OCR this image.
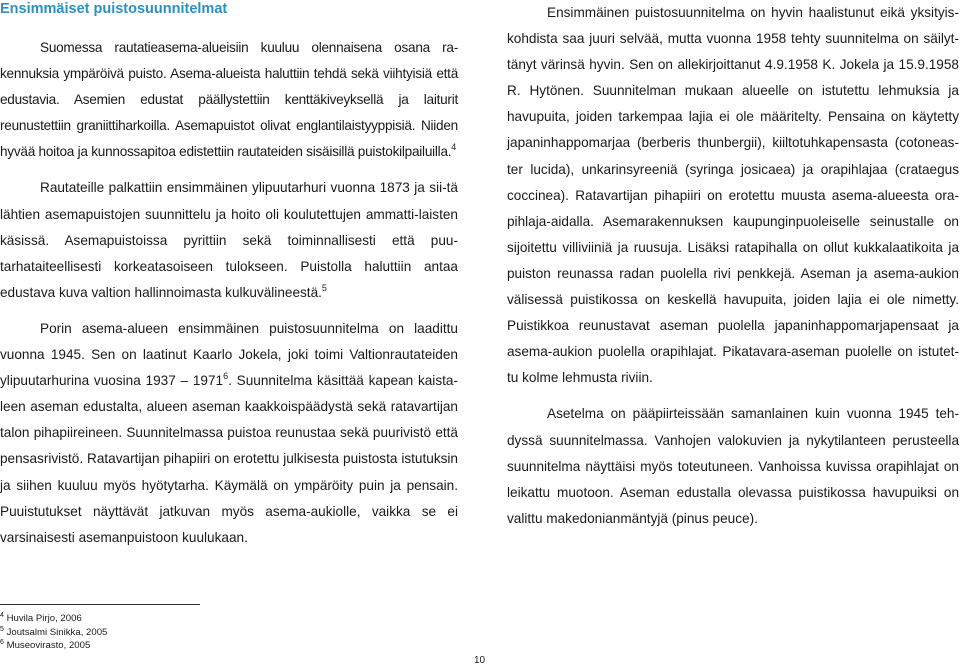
Ensimmäiset puistosuunnitelmat

Suomessa rautatieasema-alueisiin kuuluu olennaisena osana ra-kennuksia ympäröivä puisto. Asema-alueista haluttiin tehdä sekä viihtyisiä että edustavia. Asemien edustat päällystettiin kenttäkiveyksellä ja laiturit reunustettiin graniittiharkoilla. Asemapuistot olivat englantilaistyyppisiä. Niiden hyvää hoitoa ja kunnossapitoa edistettiin rautateiden sisäisillä puistokilpailuilla.$^4$

Rautateille palkattiin ensimmäinen ylipuutarhuri vuonna 1873 ja sii-tä lähtien asemapuistojen suunnittelu ja hoito oli koulutettujen ammatti-laisten käsissä. Asemapuistoissa pyrittiin sekä toiminnallisesti että puu-tarhataiteellisesti korkeatasoiseen tulokseen. Puistolla haluttiin antaa edustava kuva valtion hallinnoimasta kulkuvälineestä.$^5$

Porin asema-alueen ensimmäinen puistosuunnitelma on laadittu vuonna 1945. Sen on laatinut Kaarlo Jokela, joki toimi Valtionrautateiden ylipuutarhurina vuosina 1937 – 1971$^6$. Suunnitelma käsittää kapean kaista-leen aseman edustalta, alueen aseman kaakkoispäädystä sekä ratavartijan talon pihapiireineen. Suunnitelmassa puistoa reunustaa sekä puurivistö että pensasrivistö. Ratavartijan pihapiiri on erotettu julkisesta puistosta istutuksin ja siihen kuuluu myös hyötytarha. Käymälä on ympäröity puin ja pensain. Puuistutukset näyttävät jatkuvan myös asema-aukiolle, vaikka se ei varsinaisesti asemanpuistoon kuulukaan.

Ensimmäinen puistosuunnitelma on hyvin haalistunut eikä yksityis-kohdista saa juuri selvää, mutta vuonna 1958 tehty suunnitelma on säilyt-tänyt värinsä hyvin. Sen on allekirjoittanut 4.9.1958 K. Jokela ja 15.9.1958 R. Hytönen. Suunnitelman mukaan alueelle on istutettu lehmuksia ja havupuita, joiden tarkempaa lajia ei ole määritelty. Pensaina on käytetty japaninhappomarjaa (berberis thunbergii), kiiltotuhkapensasta (cotoneas-ter lucida), unkarinsyreeniä (syringa josicaea) ja orapihlajaa (crataegus coccinea). Ratavartijan pihapiiri on erotettu muusta asema-alueesta ora-pihlaja-aidalla. Asemarakennuksen kaupunginpuoleiselle seinustalle on sijoitettu villiviiniä ja ruusuja. Lisäksi ratapihalla on ollut kukkalaatikoita ja puiston reunassa radan puolella rivi penkkejä. Aseman ja asema-aukion välisessä puistikossa on keskellä havupuita, joiden lajia ei ole nimetty. Puistikkoa reunustavat aseman puolella japaninhappomarjapensaat ja asema-aukion puolella orapihlajat. Pikatavara-aseman puolelle on istutet-tu kolme lehmusta riviin.

Asetelma on pääpiirteissään samanlainen kuin vuonna 1945 teh-dyssä suunnitelmassa. Vanhojen valokuvien ja nykytilanteen perusteella suunnitelma näyttäisi myös toteutuneen. Vanhoissa kuvissa orapihlajat on leikattu muotoon. Aseman edustalla olevassa puistikossa havupuiksi on valittu makedonianmäntyjä (pinus peuce).

$^4$ Huvila Pirjo, 2006
$^5$ Joutsalmi Sinikka, 2005
$^6$ Museovirasto, 2005
10
